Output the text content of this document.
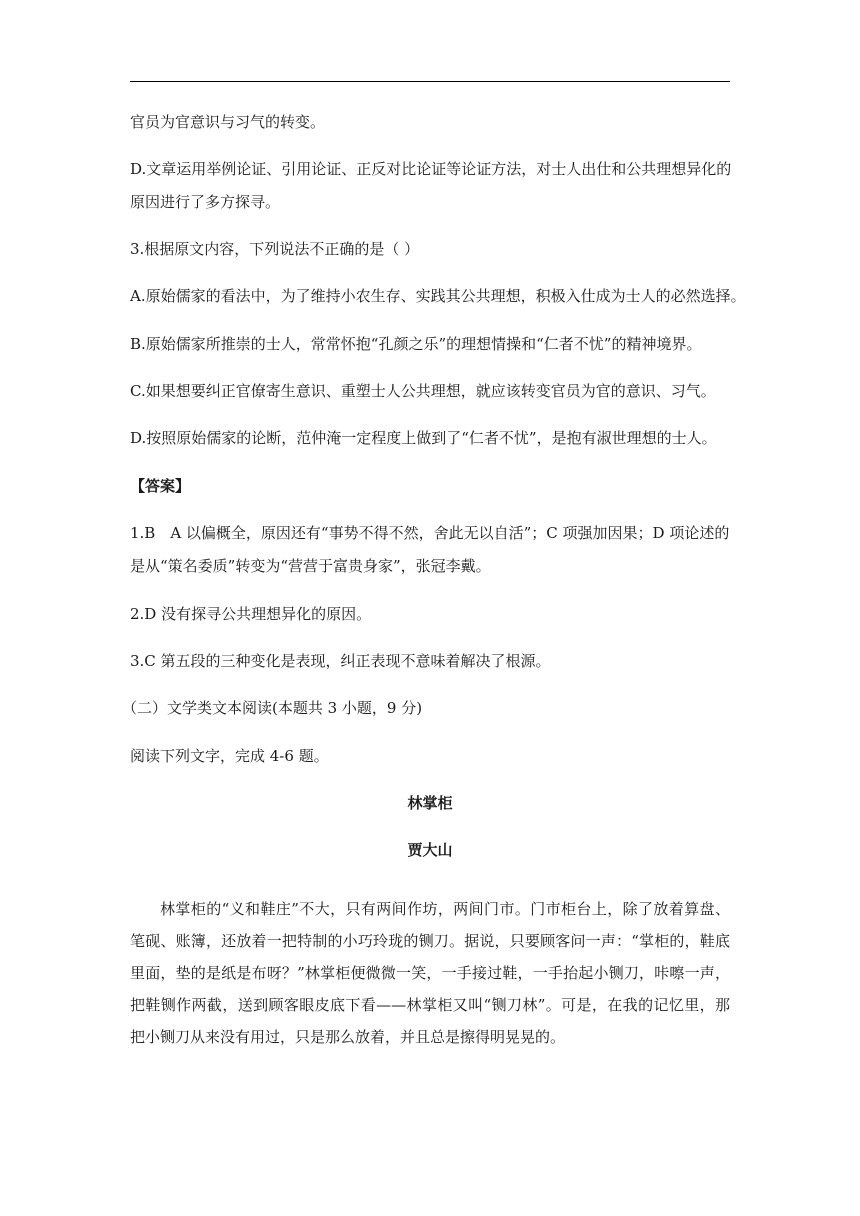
官员为官意识与习气的转变。
D.文章运用举例论证、引用论证、正反对比论证等论证方法，对士人出仕和公共理想异化的
原因进行了多方探寻。
3.根据原文内容，下列说法不正确的是（ ）
A.原始儒家的看法中，为了维持小农生存、实践其公共理想，积极入仕成为士人的必然选择。
B.原始儒家所推崇的士人，常常怀抱“孔颜之乐”的理想情操和“仁者不忧”的精神境界。
C.如果想要纠正官僚寄生意识、重塑士人公共理想，就应该转变官员为官的意识、习气。
D.按照原始儒家的论断，范仲淹一定程度上做到了“仁者不忧”，是抱有淑世理想的士人。
【答案】
1.B　A 以偏概全，原因还有“事势不得不然，舍此无以自活”；C 项强加因果；D 项论述的
是从“策名委质”转变为“营营于富贵身家”，张冠李戴。
2.D 没有探寻公共理想异化的原因。
3.C 第五段的三种变化是表现，纠正表现不意味着解决了根源。
（二）文学类文本阅读(本题共 3 小题，9 分)
阅读下列文字，完成 4-6 题。
林掌柜
贾大山

林掌柜的“义和鞋庄”不大，只有两间作坊，两间门市。门市柜台上，除了放着算盘、笔砚、账簿，还放着一把特制的小巧玲珑的铡刀。据说，只要顾客问一声：“掌柜的，鞋底里面，垫的是纸是布呀？”林掌柜便微微一笑，一手接过鞋，一手抬起小铡刀，咔嚓一声，把鞋铡作两截，送到顾客眼皮底下看——林掌柜又叫“铡刀林”。可是，在我的记忆里，那把小铡刀从来没有用过，只是那么放着，并且总是擦得明晃晃的。
